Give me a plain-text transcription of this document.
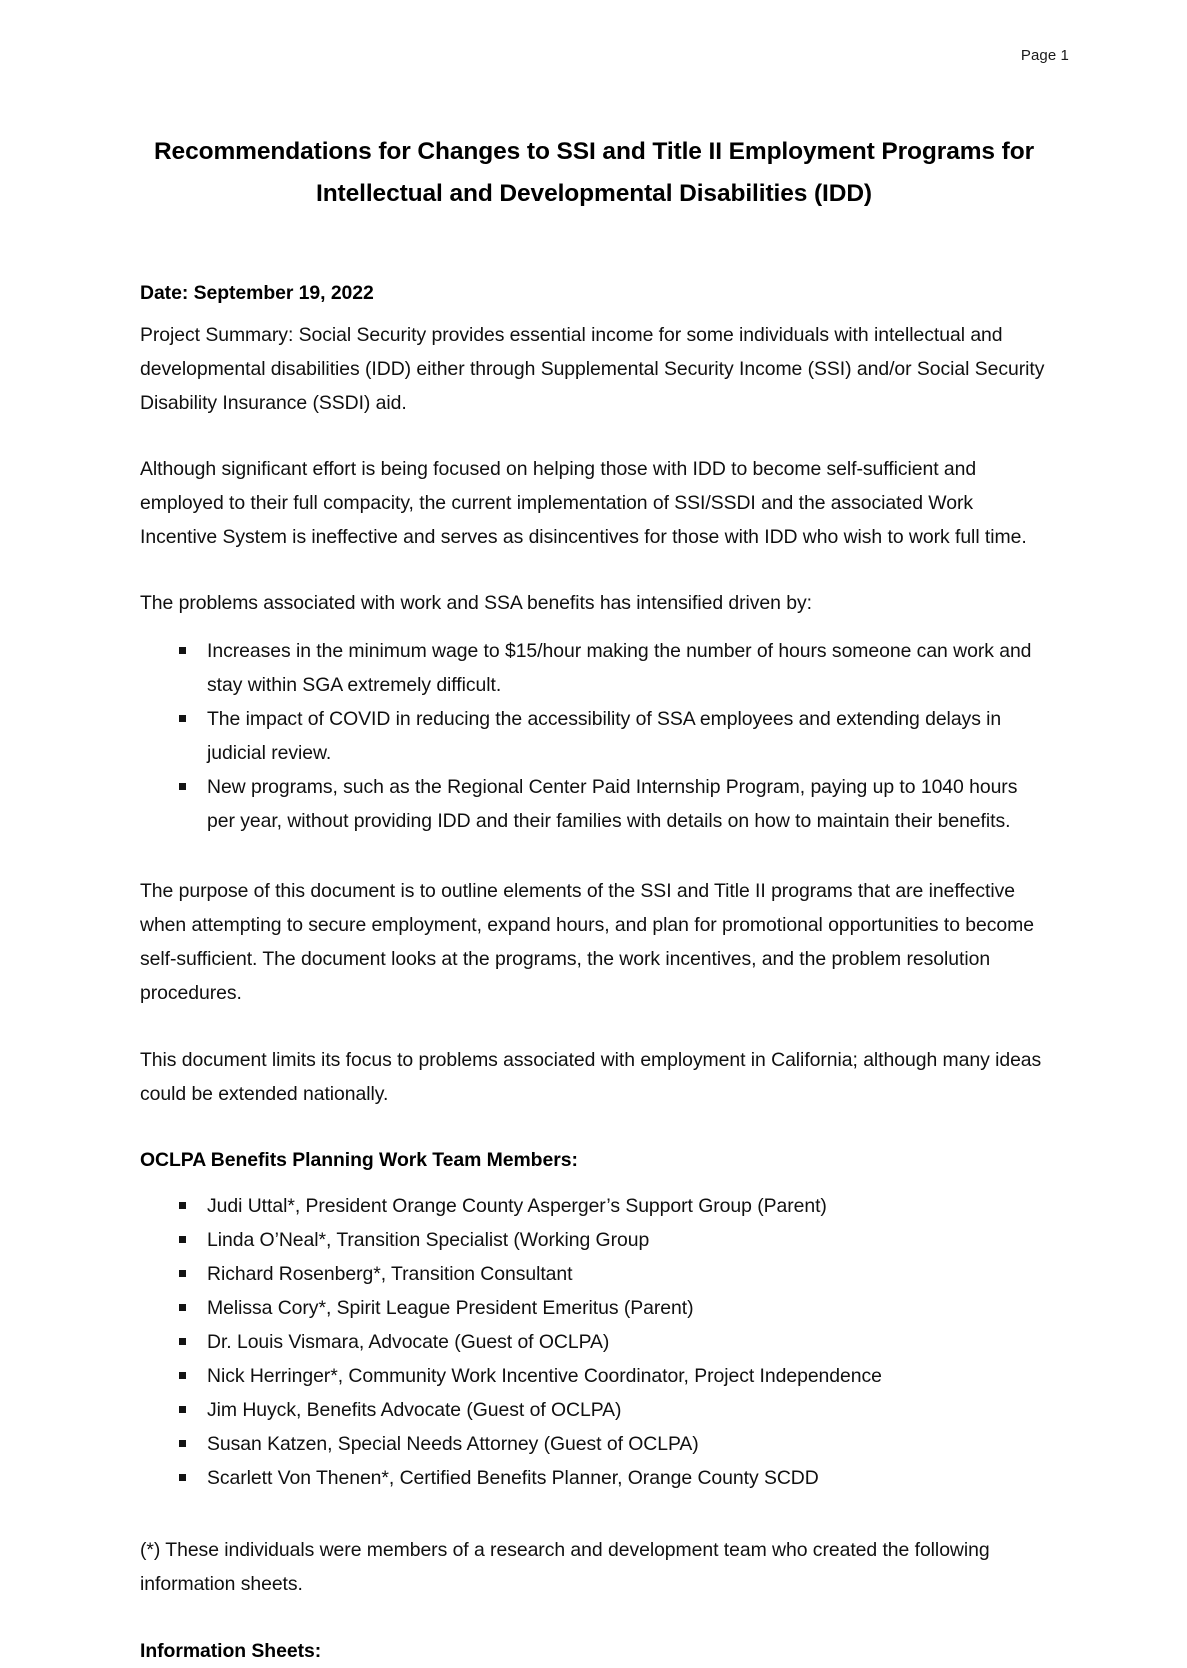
Page 1
Recommendations for Changes to SSI and Title II Employment Programs for
Intellectual and Developmental Disabilities (IDD)

Date: September 19, 2022

Project Summary: Social Security provides essential income for some individuals with intellectual and developmental disabilities (IDD) either through Supplemental Security Income (SSI) and/or Social Security Disability Insurance (SSDI) aid.

Although significant effort is being focused on helping those with IDD to become self-sufficient and employed to their full compacity, the current implementation of SSI/SSDI and the associated Work Incentive System is ineffective and serves as disincentives for those with IDD who wish to work full time.

The problems associated with work and SSA benefits has intensified driven by:

Increases in the minimum wage to $15/hour making the number of hours someone can work and stay within SGA extremely difficult.
The impact of COVID in reducing the accessibility of SSA employees and extending delays in judicial review.
New programs, such as the Regional Center Paid Internship Program, paying up to 1040 hours per year, without providing IDD and their families with details on how to maintain their benefits.

The purpose of this document is to outline elements of the SSI and Title II programs that are ineffective when attempting to secure employment, expand hours, and plan for promotional opportunities to become self-sufficient. The document looks at the programs, the work incentives, and the problem resolution procedures.

This document limits its focus to problems associated with employment in California; although many ideas could be extended nationally.

OCLPA Benefits Planning Work Team Members:

Judi Uttal*, President Orange County Asperger’s Support Group (Parent)
Linda O’Neal*, Transition Specialist (Working Group
Richard Rosenberg*, Transition Consultant
Melissa Cory*, Spirit League President Emeritus (Parent)
Dr. Louis Vismara, Advocate (Guest of OCLPA)
Nick Herringer*, Community Work Incentive Coordinator, Project Independence
Jim Huyck, Benefits Advocate (Guest of OCLPA)
Susan Katzen, Special Needs Attorney (Guest of OCLPA)
Scarlett Von Thenen*, Certified Benefits Planner, Orange County SCDD

(*) These individuals were members of a research and development team who created the following information sheets.

Information Sheets:
